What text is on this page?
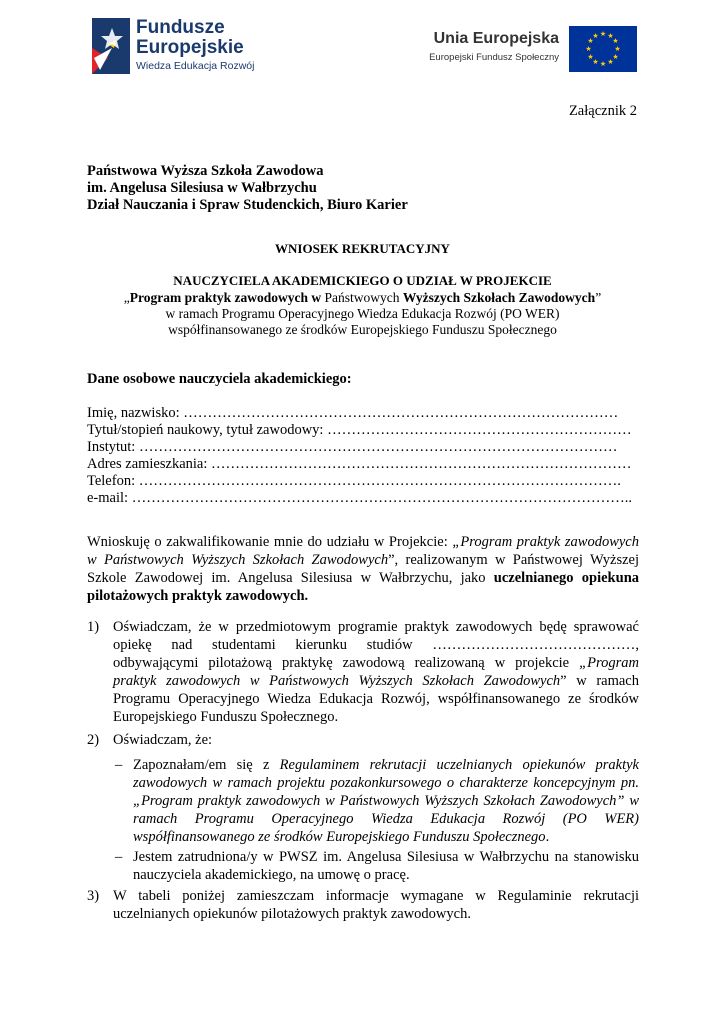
Fundusze
Europejskie
Wiedza Edukacja Rozwój
Unia Europejska
Europejski Fundusz Społeczny
★ ★
★
★
★
★
★
★
★
★
★
★
Załącznik 2
Państwowa Wyższa Szkoła Zawodowa
im. Angelusa Silesiusa w Wałbrzychu
Dział Nauczania i Spraw Studenckich, Biuro Karier
WNIOSEK REKRUTACYJNY
NAUCZYCIELA AKADEMICKIEGO O UDZIAŁ W PROJEKCIE
„Program praktyk zawodowych w Państwowych Wyższych Szkołach Zawodowych”
w ramach Programu Operacyjnego Wiedza Edukacja Rozwój (PO WER)
współfinansowanego ze środków Europejskiego Funduszu Społecznego
Dane osobowe nauczyciela akademickiego:
Imię, nazwisko: ………………………………………………………………………………
Tytuł/stopień naukowy, tytuł zawodowy: ………………………………………………………
Instytut: ………………………………………………………………………………………
Adres zamieszkania: ……………………………………………………………………………
Telefon: ……………………………………………………………………………………….
e-mail: …………………………………………………………………………………………..
Wnioskuję o zakwalifikowanie mnie do udziału w Projekcie: „Program praktyk zawodowych w Państwowych Wyższych Szkołach Zawodowych”, realizowanym w Państwowej Wyższej Szkole Zawodowej im. Angelusa Silesiusa w Wałbrzychu, jako uczelnianego opiekuna pilotażowych praktyk zawodowych.
1) Oświadczam, że w przedmiotowym programie praktyk zawodowych będę sprawować opiekę nad studentami kierunku studiów ……………………………………, odbywającymi pilotażową praktykę zawodową realizowaną w projekcie „Program praktyk zawodowych w Państwowych Wyższych Szkołach Zawodowych” w ramach Programu Operacyjnego Wiedza Edukacja Rozwój, współfinansowanego ze środków Europejskiego Funduszu Społecznego.
2) Oświadczam, że:
– Zapoznałam/em się z Regulaminem rekrutacji uczelnianych opiekunów praktyk zawodowych w ramach projektu pozakonkursowego o charakterze koncepcyjnym pn. „Program praktyk zawodowych w Państwowych Wyższych Szkołach Zawodowych” w ramach Programu Operacyjnego Wiedza Edukacja Rozwój (PO WER) współfinansowanego ze środków Europejskiego Funduszu Społecznego.
– Jestem zatrudniona/y w PWSZ im. Angelusa Silesiusa w Wałbrzychu na stanowisku nauczyciela akademickiego, na umowę o pracę.
3) W tabeli poniżej zamieszczam informacje wymagane w Regulaminie rekrutacji uczelnianych opiekunów pilotażowych praktyk zawodowych.
